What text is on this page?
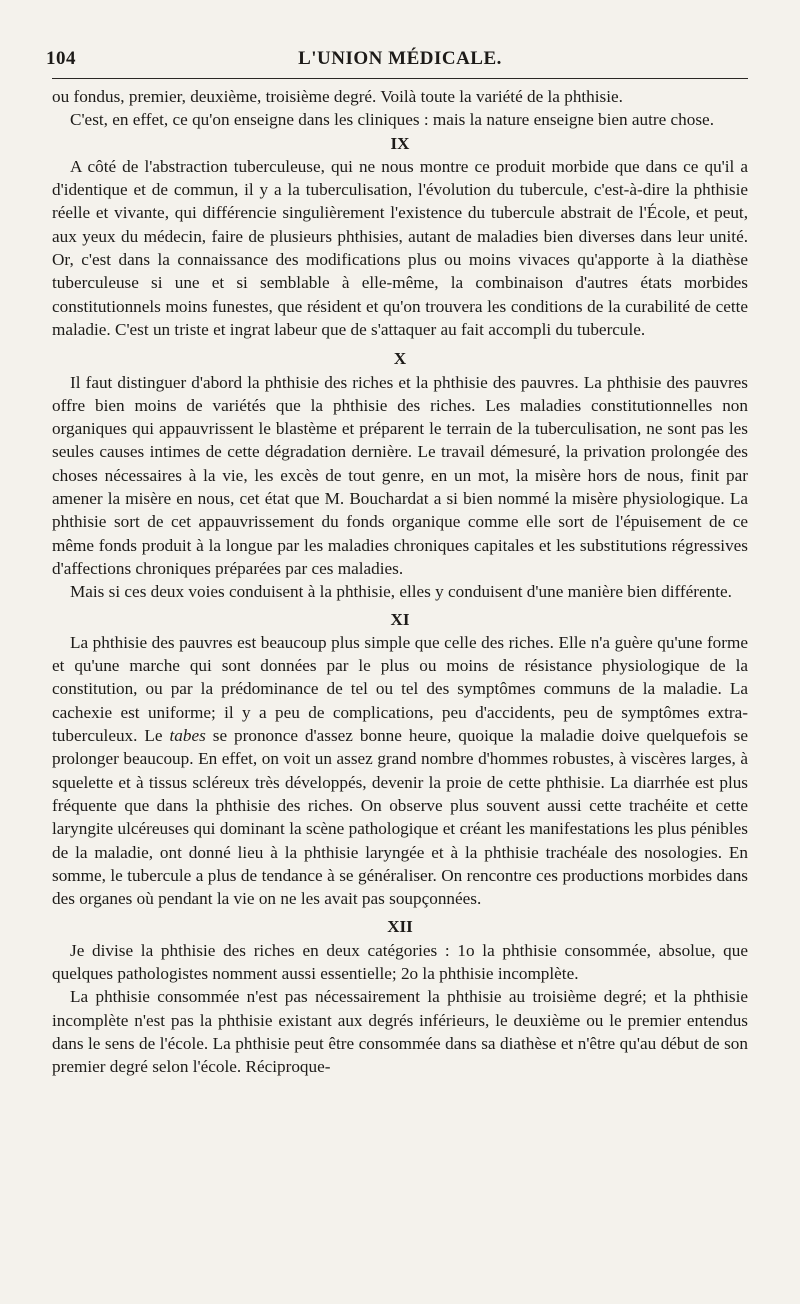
104	L'UNION MÉDICALE.

ou fondus, premier, deuxième, troisième degré. Voilà toute la variété de la phthisie.

C'est, en effet, ce qu'on enseigne dans les cliniques : mais la nature enseigne bien autre chose.

IX

A côté de l'abstraction tuberculeuse, qui ne nous montre ce produit morbide que dans ce qu'il a d'identique et de commun, il y a la tuberculisation, l'évolution du tubercule, c'est-à-dire la phthisie réelle et vivante, qui différencie singulièrement l'existence du tubercule abstrait de l'École, et peut, aux yeux du médecin, faire de plusieurs phthisies, autant de maladies bien diverses dans leur unité. Or, c'est dans la connaissance des modifications plus ou moins vivaces qu'apporte à la diathèse tuberculeuse si une et si semblable à elle-même, la combinaison d'autres états morbides constitutionnels moins funestes, que résident et qu'on trouvera les conditions de la curabilité de cette maladie. C'est un triste et ingrat labeur que de s'attaquer au fait accompli du tubercule.

X

Il faut distinguer d'abord la phthisie des riches et la phthisie des pauvres. La phthisie des pauvres offre bien moins de variétés que la phthisie des riches. Les maladies constitutionnelles non organiques qui appauvrissent le blastème et préparent le terrain de la tuberculisation, ne sont pas les seules causes intimes de cette dégradation dernière. Le travail démesuré, la privation prolongée des choses nécessaires à la vie, les excès de tout genre, en un mot, la misère hors de nous, finit par amener la misère en nous, cet état que M. Bouchardat a si bien nommé la misère physiologique. La phthisie sort de cet appauvrissement du fonds organique comme elle sort de l'épuisement de ce même fonds produit à la longue par les maladies chroniques capitales et les substitutions régressives d'affections chroniques préparées par ces maladies.

Mais si ces deux voies conduisent à la phthisie, elles y conduisent d'une manière bien différente.

XI

La phthisie des pauvres est beaucoup plus simple que celle des riches. Elle n'a guère qu'une forme et qu'une marche qui sont données par le plus ou moins de résistance physiologique de la constitution, ou par la prédominance de tel ou tel des symptômes communs de la maladie. La cachexie est uniforme; il y a peu de complications, peu d'accidents, peu de symptômes extra-tuberculeux. Le tabes se prononce d'assez bonne heure, quoique la maladie doive quelquefois se prolonger beaucoup. En effet, on voit un assez grand nombre d'hommes robustes, à viscères larges, à squelette et à tissus scléreux très développés, devenir la proie de cette phthisie. La diarrhée est plus fréquente que dans la phthisie des riches. On observe plus souvent aussi cette trachéite et cette laryngite ulcéreuses qui dominant la scène pathologique et créant les manifestations les plus pénibles de la maladie, ont donné lieu à la phthisie laryngée et à la phthisie trachéale des nosologies. En somme, le tubercule a plus de tendance à se généraliser. On rencontre ces productions morbides dans des organes où pendant la vie on ne les avait pas soupçonnées.

XII

Je divise la phthisie des riches en deux catégories : 1o la phthisie consommée, absolue, que quelques pathologistes nomment aussi essentielle; 2o la phthisie incomplète.

La phthisie consommée n'est pas nécessairement la phthisie au troisième degré; et la phthisie incomplète n'est pas la phthisie existant aux degrés inférieurs, le deuxième ou le premier entendus dans le sens de l'école. La phthisie peut être consommée dans sa diathèse et n'être qu'au début de son premier degré selon l'école. Réciproque-
